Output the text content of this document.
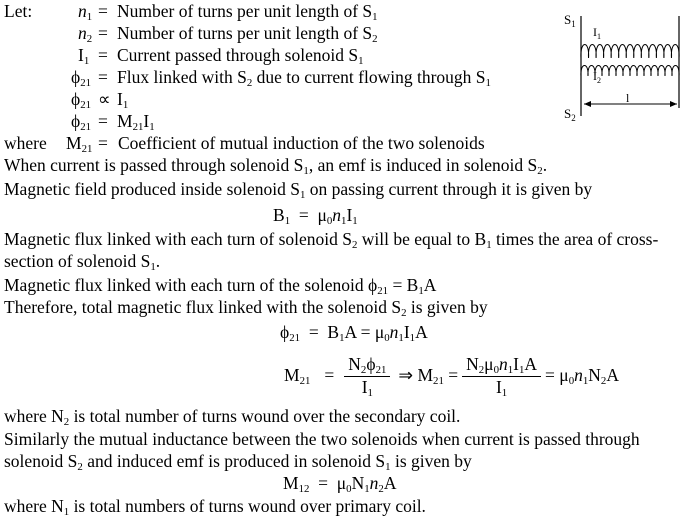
Let:	$n_1$ = Number of turns per unit length of $S_1$
$n_2$ = Number of turns per unit length of $S_2$
$I_1$ = Current passed through solenoid $S_1$
$\phi_{21}$ = Flux linked with $S_2$ due to current flowing through $S_1$
$\phi_{21} \propto I_1$
$\phi_{21} = M_{21}I_1$
where $M_{21}$ = Coefficient of mutual induction of the two solenoids
When current is passed through solenoid $S_1$, an emf is induced in solenoid $S_2$.
Magnetic field produced inside solenoid $S_1$ on passing current through it is given by
$B_1 = \mu_0n_1I_1$
Magnetic flux linked with each turn of solenoid $S_2$ will be equal to $B_1$ times the area of cross-
section of solenoid $S_1$.
Magnetic flux linked with each turn of the solenoid $\phi_{21} = B_1A$
Therefore, total magnetic flux linked with the solenoid $S_2$ is given by
$\phi_{21} = B_1A = \mu_0n_1I_1A$
$M_{21} = \frac{N_2\phi_{21}}{I_1}$ ⇒ $M_{21} = \frac{N_2\mu_0n_1I_1A}{I_1} = \mu_0n_1N_2A$
where $N_2$ is total number of turns wound over the secondary coil.
Similarly the mutual inductance between the two solenoids when current is passed through
solenoid $S_2$ and induced emf is produced in solenoid $S_1$ is given by
$M_{12} = \mu_0N_1n_2A$
where $N_1$ is total numbers of turns wound over primary coil.
$S_1$
$S_2$
$I_1$
$I_2$
l
